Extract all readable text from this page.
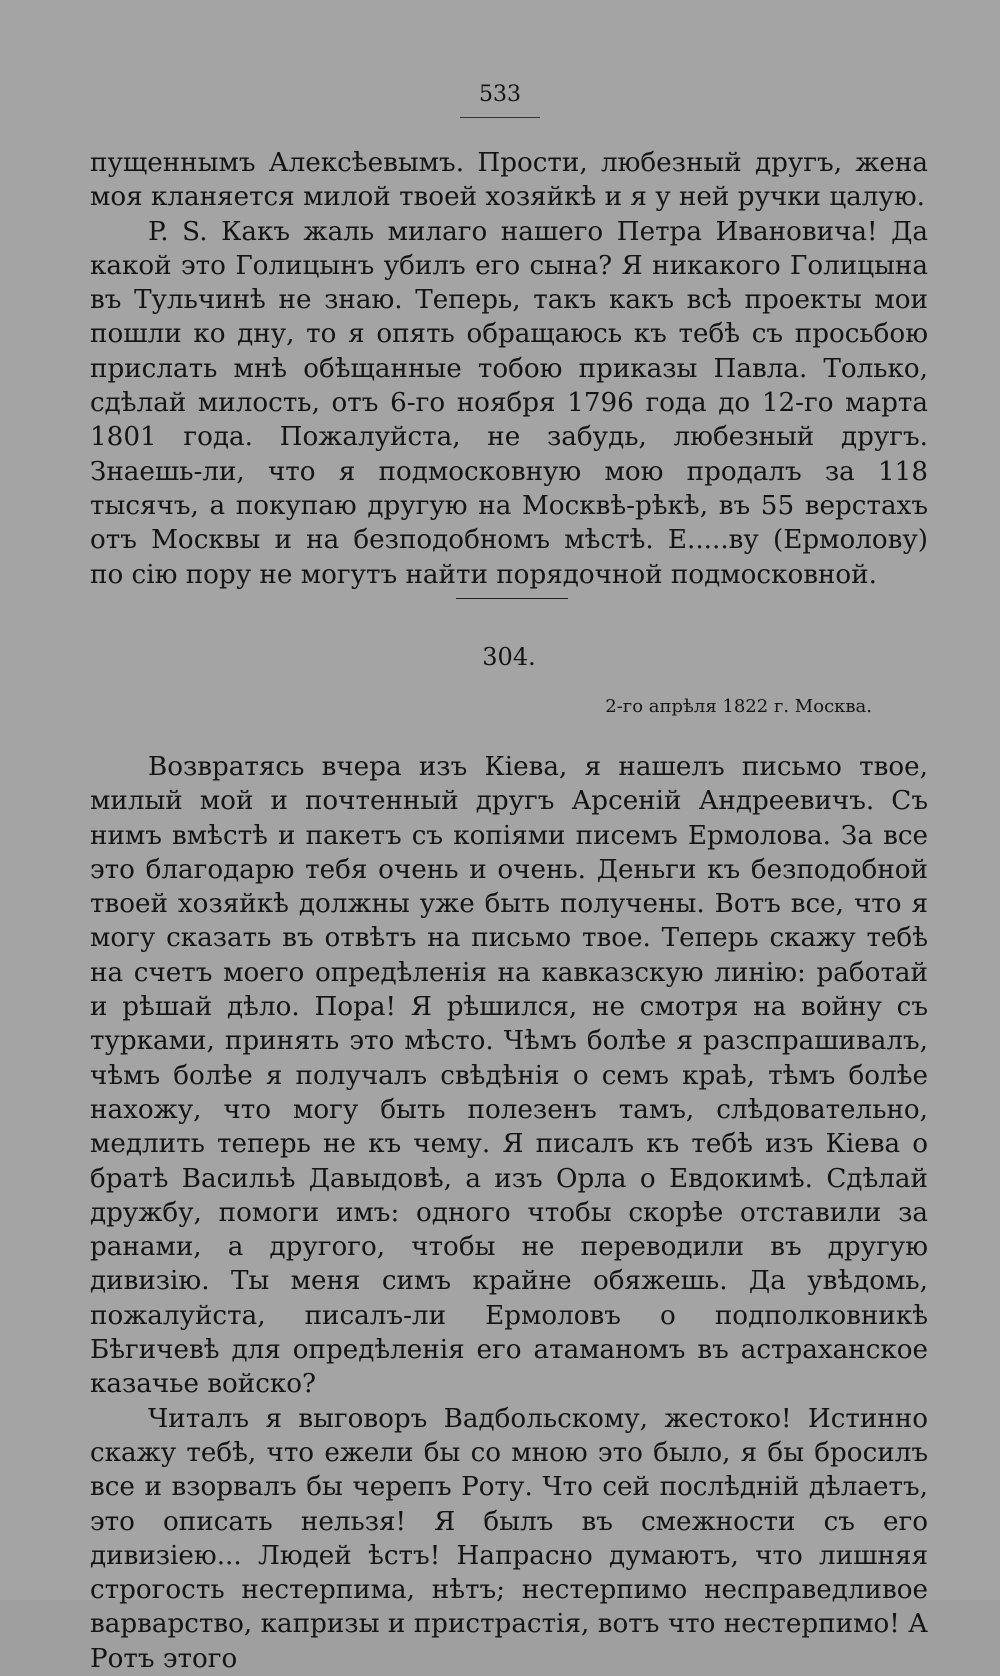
533

пущеннымъ Алексѣевымъ. Прости, любезный другъ, жена моя кланяется милой твоей хозяйкѣ и я у ней ручки цалую.

P. S. Какъ жаль милаго нашего Петра Ивановича! Да какой это Голицынъ убилъ его сына? Я никакого Голицына въ Тульчинѣ не знаю. Теперь, такъ какъ всѣ проекты мои пошли ко дну, то я опять обращаюсь къ тебѣ съ просьбою прислать мнѣ обѣщанные тобою приказы Павла. Только, сдѣлай милость, отъ 6-го ноября 1796 года до 12-го марта 1801 года. Пожалуйста, не забудь, любезный другъ. Знаешь-ли, что я подмосковную мою продалъ за 118 тысячъ, а покупаю другую на Москвѣ-рѣкѣ, въ 55 верстахъ отъ Москвы и на безподобномъ мѣстѣ. Е.....ву (Ермолову) по сію пору не могутъ найти порядочной подмосковной.

304.
2-го апрѣля 1822 г. Москва.

Возвратясь вчера изъ Кіева, я нашелъ письмо твое, милый мой и почтенный другъ Арсеній Андреевичъ. Съ нимъ вмѣстѣ и пакетъ съ копіями писемъ Ермолова. За все это благодарю тебя очень и очень. Деньги къ безподобной твоей хозяйкѣ должны уже быть получены. Вотъ все, что я могу сказать въ отвѣтъ на письмо твое. Теперь скажу тебѣ на счетъ моего опредѣленія на кавказскую линію: работай и рѣшай дѣло. Пора! Я рѣшился, не смотря на войну съ турками, принять это мѣсто. Чѣмъ болѣе я разспрашивалъ, чѣмъ болѣе я получалъ свѣдѣнія о семъ краѣ, тѣмъ болѣе нахожу, что могу быть полезенъ тамъ, слѣдовательно, медлить теперь не къ чему. Я писалъ къ тебѣ изъ Кіева о братѣ Васильѣ Давыдовѣ, а изъ Орла о Евдокимѣ. Сдѣлай дружбу, помоги имъ: одного чтобы скорѣе отставили за ранами, а другого, чтобы не переводили въ другую дивизію. Ты меня симъ крайне обяжешь. Да увѣдомь, пожалуйста, писалъ-ли Ермоловъ о подполковникѣ Бѣгичевѣ для опредѣленія его атаманомъ въ астраханское казачье войско?

Читалъ я выговоръ Вадбольскому, жестоко! Истинно скажу тебѣ, что ежели бы со мною это было, я бы бросилъ все и взорвалъ бы черепъ Роту. Что сей послѣдній дѣлаетъ, это описать нельзя! Я былъ въ смежности съ его дивизіею... Людей ѣстъ! Напрасно думаютъ, что лишняя строгость нестерпима, нѣтъ; нестерпимо несправедливое варварство, капризы и пристрастія, вотъ что нестерпимо! А Ротъ этого
